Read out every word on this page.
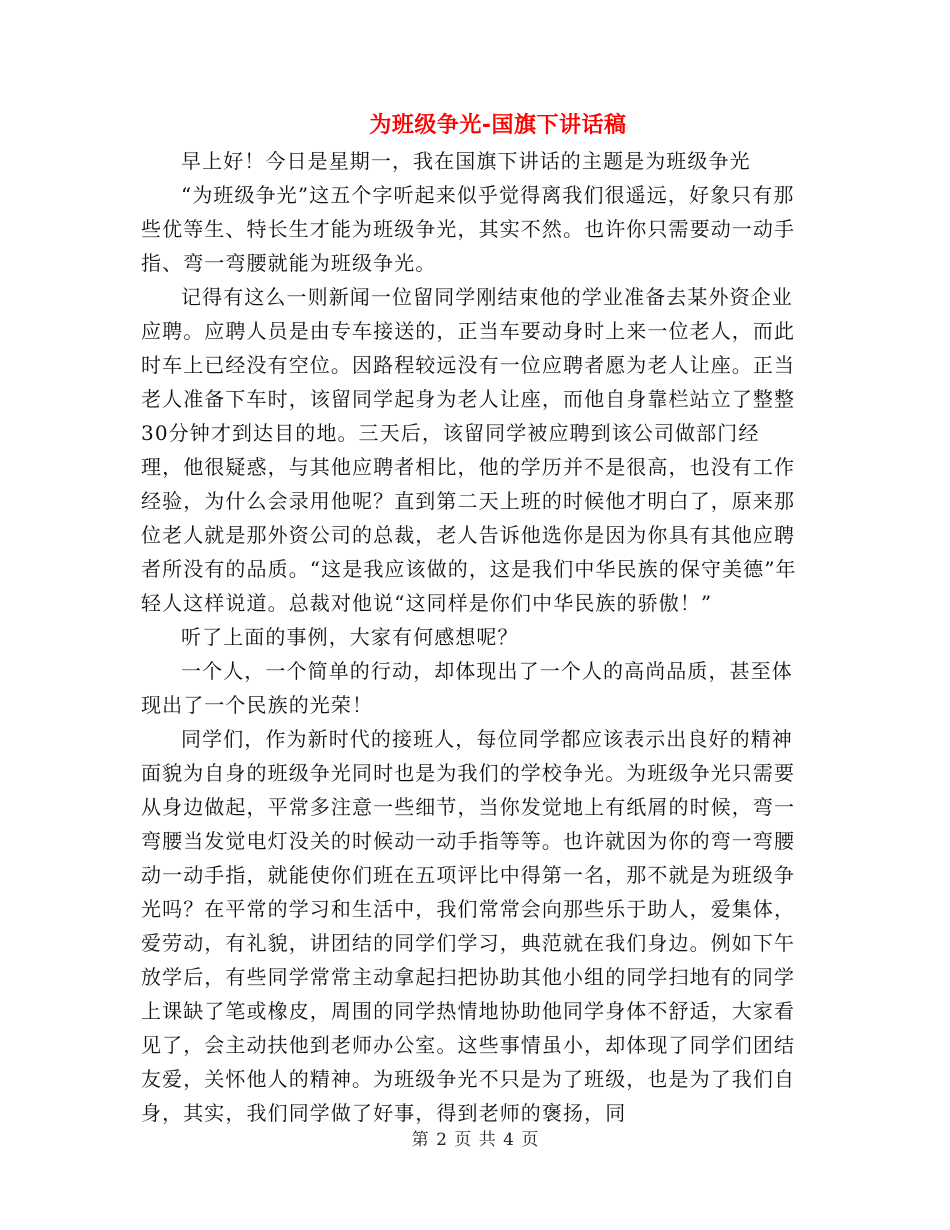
为班级争光-国旗下讲话稿

早上好！今日是星期一，我在国旗下讲话的主题是为班级争光

“为班级争光”这五个字听起来似乎觉得离我们很遥远，好象只有那些优等生、特长生才能为班级争光，其实不然。也许你只需要动一动手指、弯一弯腰就能为班级争光。

记得有这么一则新闻一位留同学刚结束他的学业准备去某外资企业应聘。应聘人员是由专车接送的，正当车要动身时上来一位老人，而此时车上已经没有空位。因路程较远没有一位应聘者愿为老人让座。正当老人准备下车时，该留同学起身为老人让座，而他自身靠栏站立了整整30分钟才到达目的地。三天后，该留同学被应聘到该公司做部门经理，他很疑惑，与其他应聘者相比，他的学历并不是很高，也没有工作经验，为什么会录用他呢？直到第二天上班的时候他才明白了，原来那位老人就是那外资公司的总裁，老人告诉他选你是因为你具有其他应聘者所没有的品质。“这是我应该做的，这是我们中华民族的保守美德”年轻人这样说道。总裁对他说“这同样是你们中华民族的骄傲！”

听了上面的事例，大家有何感想呢？

一个人，一个简单的行动，却体现出了一个人的高尚品质，甚至体现出了一个民族的光荣！

同学们，作为新时代的接班人，每位同学都应该表示出良好的精神面貌为自身的班级争光同时也是为我们的学校争光。为班级争光只需要从身边做起，平常多注意一些细节，当你发觉地上有纸屑的时候，弯一弯腰当发觉电灯没关的时候动一动手指等等。也许就因为你的弯一弯腰动一动手指，就能使你们班在五项评比中得第一名，那不就是为班级争光吗？在平常的学习和生活中，我们常常会向那些乐于助人，爱集体，爱劳动，有礼貌，讲团结的同学们学习，典范就在我们身边。例如下午放学后，有些同学常常主动拿起扫把协助其他小组的同学扫地有的同学上课缺了笔或橡皮，周围的同学热情地协助他同学身体不舒适，大家看见了，会主动扶他到老师办公室。这些事情虽小，却体现了同学们团结友爱，关怀他人的精神。为班级争光不只是为了班级，也是为了我们自身，其实，我们同学做了好事，得到老师的褒扬，同

第 2 页 共 4 页
